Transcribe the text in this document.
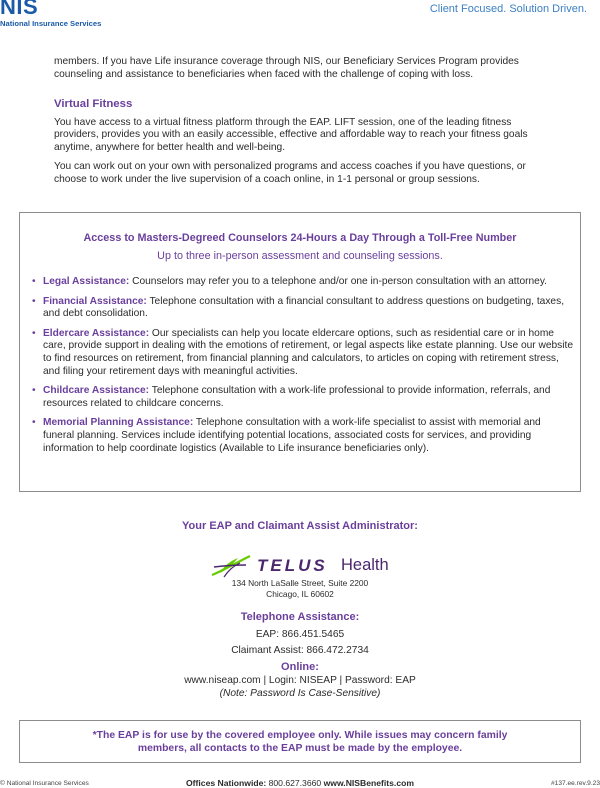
NIS
National Insurance Services
Client Focused. Solution Driven.

members. If you have Life insurance coverage through NIS, our Beneficiary Services Program provides counseling and assistance to beneficiaries when faced with the challenge of coping with loss.

Virtual Fitness

You have access to a virtual fitness platform through the EAP. LIFT session, one of the leading fitness providers, provides you with an easily accessible, effective and affordable way to reach your fitness goals anytime, anywhere for better health and well-being.

You can work out on your own with personalized programs and access coaches if you have questions, or choose to work under the live supervision of a coach online, in 1-1 personal or group sessions.

Access to Masters-Degreed Counselors 24-Hours a Day Through a Toll-Free Number
Up to three in-person assessment and counseling sessions.
• Legal Assistance: Counselors may refer you to a telephone and/or one in-person consultation with an attorney.
• Financial Assistance: Telephone consultation with a financial consultant to address questions on budgeting, taxes, and debt consolidation.
• Eldercare Assistance: Our specialists can help you locate eldercare options, such as residential care or in home care, provide support in dealing with the emotions of retirement, or legal aspects like estate planning. Use our website to find resources on retirement, from financial planning and calculators, to articles on coping with retirement stress, and filing your retirement days with meaningful activities.
• Childcare Assistance: Telephone consultation with a work-life professional to provide information, referrals, and resources related to childcare concerns.
• Memorial Planning Assistance: Telephone consultation with a work-life specialist to assist with memorial and funeral planning. Services include identifying potential locations, associated costs for services, and providing information to help coordinate logistics (Available to Life insurance beneficiaries only).
Your EAP and Claimant Assist Administrator:
TELUS Health
134 North LaSalle Street, Suite 2200
Chicago, IL 60602
Telephone Assistance:
EAP: 866.451.5465
Claimant Assist: 866.472.2734
Online:
www.niseap.com | Login: NISEAP | Password: EAP
(Note: Password Is Case-Sensitive)
*The EAP is for use by the covered employee only. While issues may concern family
members, all contacts to the EAP must be made by the employee.
© National Insurance Services	Offices Nationwide: 800.627.3660 www.NISBenefits.com	#137.ee.rev.9.23
